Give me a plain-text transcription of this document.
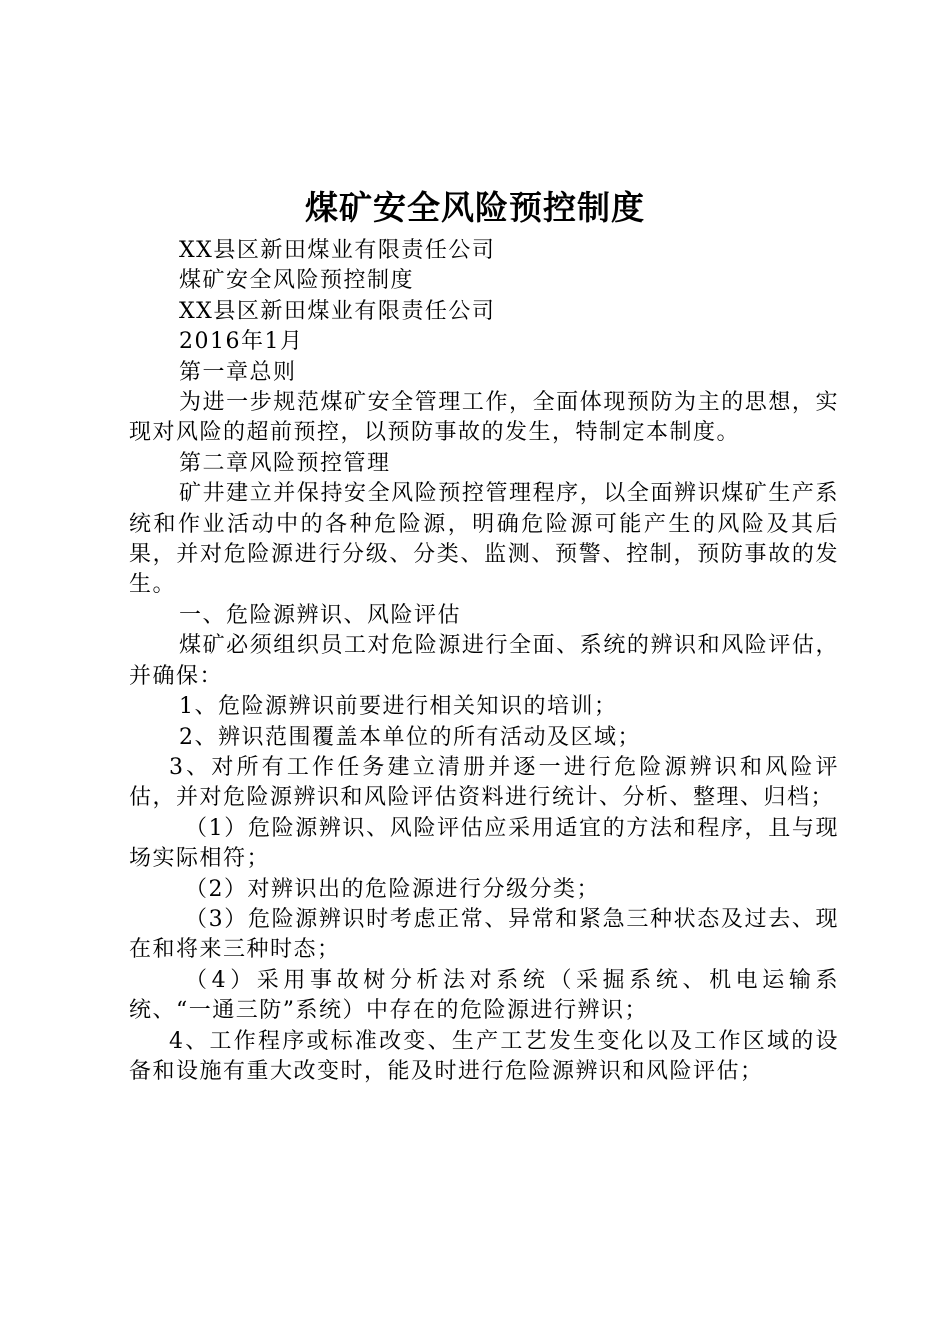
煤矿安全风险预控制度

XX县区新田煤业有限责任公司

煤矿安全风险预控制度

XX县区新田煤业有限责任公司

2016年1月

第一章总则

为进一步规范煤矿安全管理工作，全面体现预防为主的思想，实现对风险的超前预控，以预防事故的发生，特制定本制度。

第二章风险预控管理

矿井建立并保持安全风险预控管理程序，以全面辨识煤矿生产系统和作业活动中的各种危险源，明确危险源可能产生的风险及其后果，并对危险源进行分级、分类、监测、预警、控制，预防事故的发生。

一、危险源辨识、风险评估

煤矿必须组织员工对危险源进行全面、系统的辨识和风险评估，并确保：

1、危险源辨识前要进行相关知识的培训；

2、辨识范围覆盖本单位的所有活动及区域；

3、对所有工作任务建立清册并逐一进行危险源辨识和风险评估，并对危险源辨识和风险评估资料进行统计、分析、整理、归档；

（1）危险源辨识、风险评估应采用适宜的方法和程序，且与现场实际相符；

（2）对辨识出的危险源进行分级分类；

（3）危险源辨识时考虑正常、异常和紧急三种状态及过去、现在和将来三种时态；

（4）采用事故树分析法对系统（采掘系统、机电运输系统、“一通三防”系统）中存在的危险源进行辨识；

4、工作程序或标准改变、生产工艺发生变化以及工作区域的设备和设施有重大改变时，能及时进行危险源辨识和风险评估；
